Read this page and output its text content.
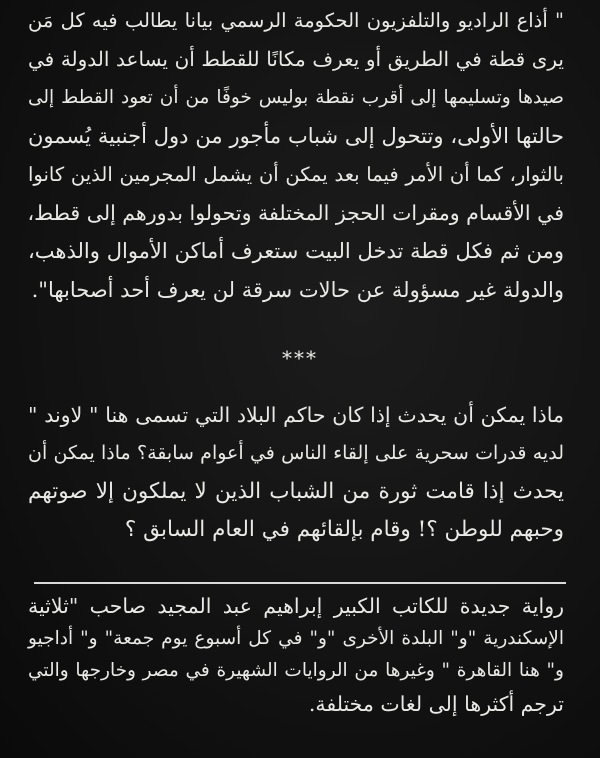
" أذاع الراديو والتلفزيون الحكومة الرسمي بيانا يطالب فيه كل مَن
يرى قطة في الطريق أو يعرف مكانًا للقطط أن يساعد الدولة في
صيدها وتسليمها إلى أقرب نقطة بوليس خوفًا من أن تعود القطط إلى
حالتها الأولى، وتتحول إلى شباب مأجور من دول أجنبية يُسمون
بالثوار، كما أن الأمر فيما بعد يمكن أن يشمل المجرمين الذين كانوا
في الأقسام ومقرات الحجز المختلفة وتحولوا بدورهم إلى قطط،
ومن ثم فكل قطة تدخل البيت ستعرف أماكن الأموال والذهب،
والدولة غير مسؤولة عن حالات سرقة لن يعرف أحد أصحابها".
***
ماذا يمكن أن يحدث إذا كان حاكم البلاد التي تسمى هنا " لاوند "
لديه قدرات سحرية على إلقاء الناس في أعوام سابقة؟ ماذا يمكن أن
يحدث إذا قامت ثورة من الشباب الذين لا يملكون إلا صوتهم
وحبهم للوطن ؟! وقام بإلقائهم في العام السابق ؟
رواية جديدة للكاتب الكبير إبراهيم عبد المجيد صاحب "ثلاثية
الإسكندرية "و" البلدة الأخرى "و" في كل أسبوع يوم جمعة" و" أداجيو
و" هنا القاهرة " وغيرها من الروايات الشهيرة في مصر وخارجها والتي
ترجم أكثرها إلى لغات مختلفة.
